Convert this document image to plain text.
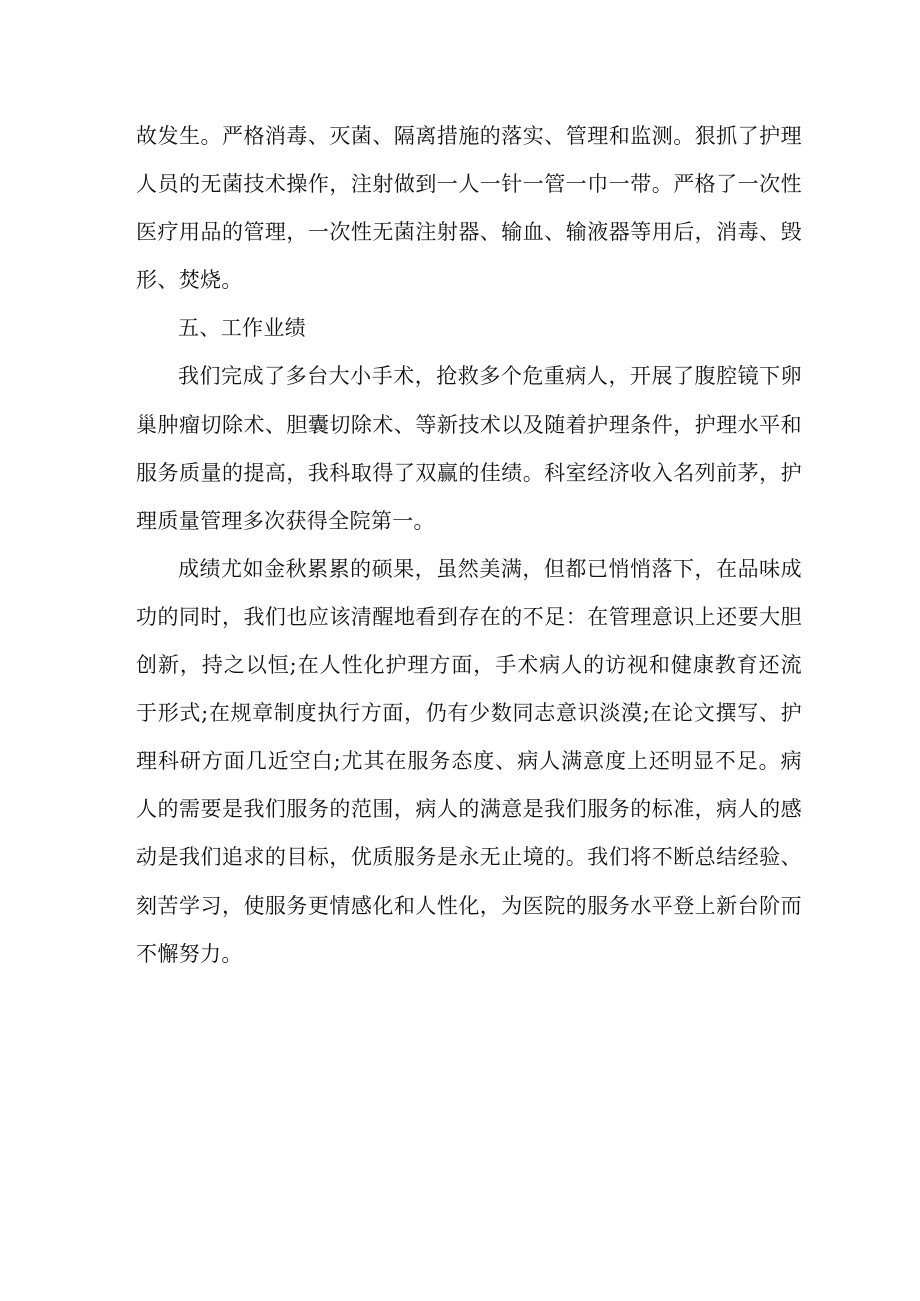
故发生。严格消毒、灭菌、隔离措施的落实、管理和监测。狠抓了护理人员的无菌技术操作，注射做到一人一针一管一巾一带。严格了一次性医疗用品的管理，一次性无菌注射器、输血、输液器等用后，消毒、毁形、焚烧。

五、工作业绩

我们完成了多台大小手术，抢救多个危重病人，开展了腹腔镜下卵巢肿瘤切除术、胆囊切除术、等新技术以及随着护理条件，护理水平和服务质量的提高，我科取得了双赢的佳绩。科室经济收入名列前茅，护理质量管理多次获得全院第一。

成绩尤如金秋累累的硕果，虽然美满，但都已悄悄落下，在品味成功的同时，我们也应该清醒地看到存在的不足：在管理意识上还要大胆创新，持之以恒;在人性化护理方面，手术病人的访视和健康教育还流于形式;在规章制度执行方面，仍有少数同志意识淡漠;在论文撰写、护理科研方面几近空白;尤其在服务态度、病人满意度上还明显不足。病人的需要是我们服务的范围，病人的满意是我们服务的标准，病人的感动是我们追求的目标，优质服务是永无止境的。我们将不断总结经验、刻苦学习，使服务更情感化和人性化，为医院的服务水平登上新台阶而不懈努力。
